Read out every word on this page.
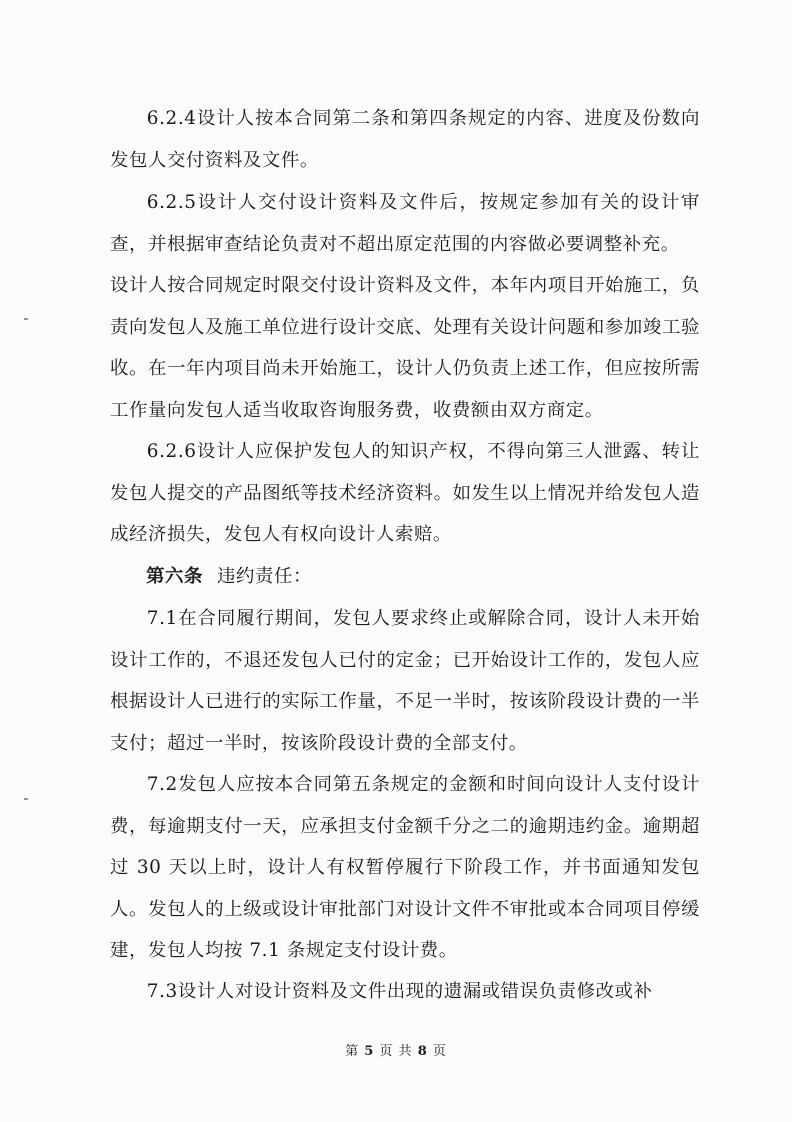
6.2.4设计人按本合同第二条和第四条规定的内容、进度及份数向发包人交付资料及文件。

6.2.5设计人交付设计资料及文件后，按规定参加有关的设计审查，并根据审查结论负责对不超出原定范围的内容做必要调整补充。

设计人按合同规定时限交付设计资料及文件，本年内项目开始施工，负责向发包人及施工单位进行设计交底、处理有关设计问题和参加竣工验收。在一年内项目尚未开始施工，设计人仍负责上述工作，但应按所需工作量向发包人适当收取咨询服务费，收费额由双方商定。

6.2.6设计人应保护发包人的知识产权，不得向第三人泄露、转让发包人提交的产品图纸等技术经济资料。如发生以上情况并给发包人造成经济损失，发包人有权向设计人索赔。

第六条 违约责任：

7.1在合同履行期间，发包人要求终止或解除合同，设计人未开始设计工作的，不退还发包人已付的定金；已开始设计工作的，发包人应根据设计人已进行的实际工作量，不足一半时，按该阶段设计费的一半支付；超过一半时，按该阶段设计费的全部支付。

7.2发包人应按本合同第五条规定的金额和时间向设计人支付设计费，每逾期支付一天，应承担支付金额千分之二的逾期违约金。逾期超过 30 天以上时，设计人有权暂停履行下阶段工作，并书面通知发包人。发包人的上级或设计审批部门对设计文件不审批或本合同项目停缓建，发包人均按 7.1 条规定支付设计费。

7.3设计人对设计资料及文件出现的遗漏或错误负责修改或补

第 5 页 共 8 页
